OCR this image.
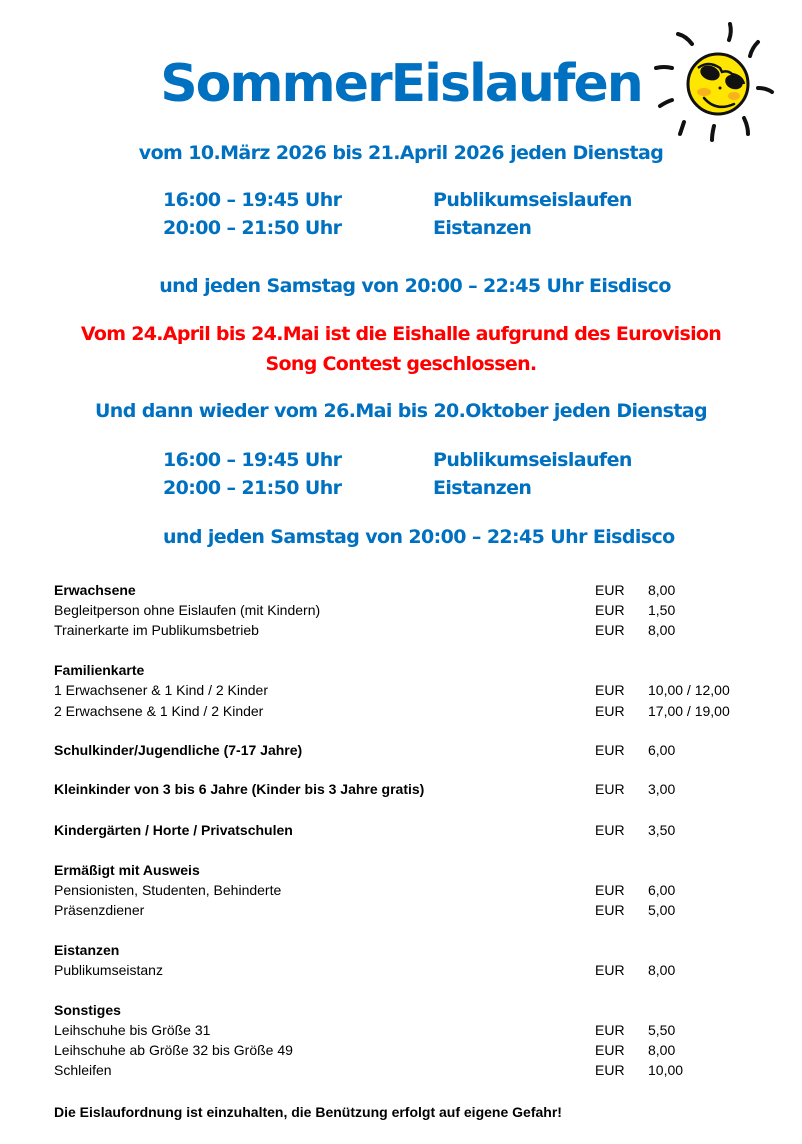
SommerEislaufen
vom 10.März 2026 bis 21.April 2026 jeden Dienstag
16:00 – 19:45 Uhr	Publikumseislaufen
20:00 – 21:50 Uhr	Eistanzen
und jeden Samstag von 20:00 – 22:45 Uhr Eisdisco
Vom 24.April bis 24.Mai ist die Eishalle aufgrund des Eurovision
Song Contest geschlossen.
Und dann wieder vom 26.Mai bis 20.Oktober jeden Dienstag
16:00 – 19:45 Uhr	Publikumseislaufen
20:00 – 21:50 Uhr	Eistanzen
und jeden Samstag von 20:00 – 22:45 Uhr Eisdisco
Erwachsene	EUR 8,00
Begleitperson ohne Eislaufen (mit Kindern)	EUR 1,50
Trainerkarte im Publikumsbetrieb	EUR 8,00
Familienkarte
1 Erwachsener & 1 Kind / 2 Kinder	EUR 10,00 / 12,00
2 Erwachsene & 1 Kind / 2 Kinder	EUR 17,00 / 19,00
Schulkinder/Jugendliche (7-17 Jahre)	EUR 6,00
Kleinkinder von 3 bis 6 Jahre (Kinder bis 3 Jahre gratis)	EUR 3,00
Kindergärten / Horte / Privatschulen	EUR 3,50
Ermäßigt mit Ausweis
Pensionisten, Studenten, Behinderte	EUR 6,00
Präsenzdiener	EUR 5,00
Eistanzen
Publikumseistanz	EUR 8,00
Sonstiges
Leihschuhe bis Größe 31	EUR 5,50
Leihschuhe ab Größe 32 bis Größe 49	EUR 8,00
Schleifen	EUR 10,00
Die Eislaufordnung ist einzuhalten, die Benützung erfolgt auf eigene Gefahr!
